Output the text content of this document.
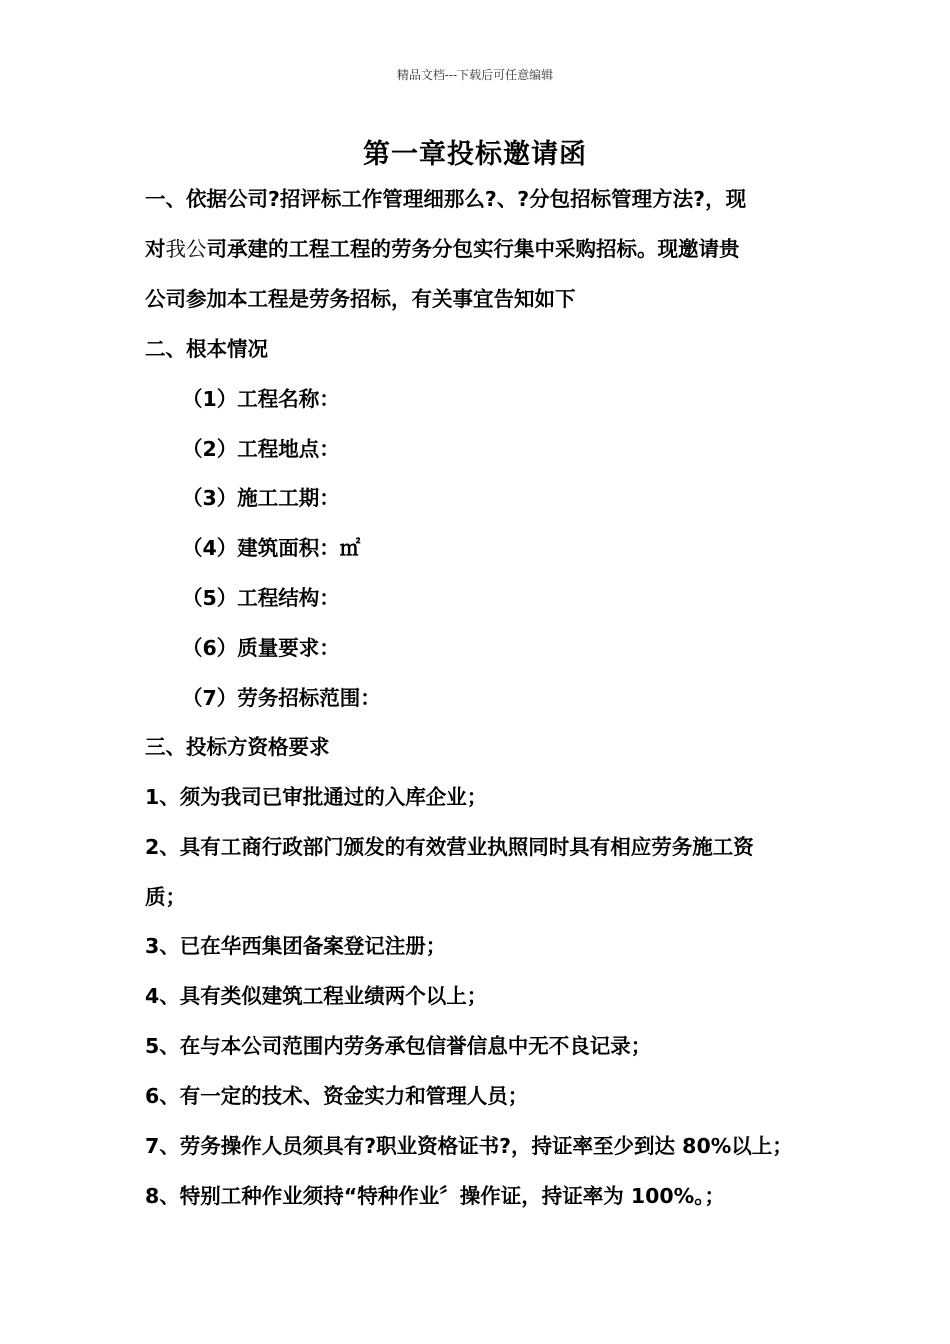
精品文档---下载后可任意编辑
第一章投标邀请函
一、依据公司?招评标工作管理细那么?、?分包招标管理方法?，现
对我公司承建的工程工程的劳务分包实行集中采购招标。现邀请贵
公司参加本工程是劳务招标，有关事宜告知如下
二、根本情况
（1）工程名称：
（2）工程地点：
（3）施工工期：
（4）建筑面积：㎡
（5）工程结构：
（6）质量要求：
（7）劳务招标范围：
三、投标方资格要求
1、须为我司已审批通过的入库企业；
2、具有工商行政部门颁发的有效营业执照同时具有相应劳务施工资
质；
3、已在华西集团备案登记注册；
4、具有类似建筑工程业绩两个以上；
5、在与本公司范围内劳务承包信誉信息中无不良记录；
6、有一定的技术、资金实力和管理人员；
7、劳务操作人员须具有?职业资格证书?，持证率至少到达 80%以上；
8、特别工种作业须持“特种作业〞操作证，持证率为 100%。；
